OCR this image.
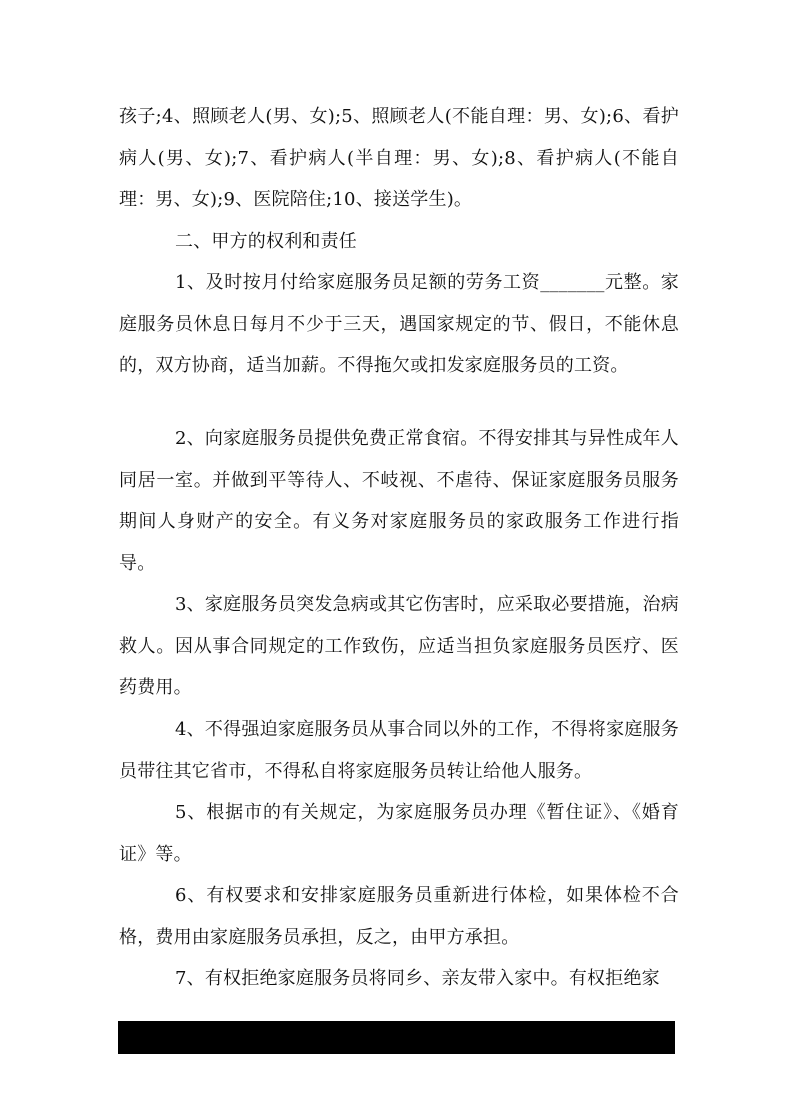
孩子;4、照顾老人(男、女);5、照顾老人(不能自理：男、女);6、看护病人(男、女);7、看护病人(半自理：男、女);8、看护病人(不能自理：男、女);9、医院陪住;10、接送学生)。

二、甲方的权利和责任

1、及时按月付给家庭服务员足额的劳务工资_______元整。家庭服务员休息日每月不少于三天，遇国家规定的节、假日，不能休息的，双方协商，适当加薪。不得拖欠或扣发家庭服务员的工资。

2、向家庭服务员提供免费正常食宿。不得安排其与异性成年人同居一室。并做到平等待人、不岐视、不虐待、保证家庭服务员服务期间人身财产的安全。有义务对家庭服务员的家政服务工作进行指导。

3、家庭服务员突发急病或其它伤害时，应采取必要措施，治病救人。因从事合同规定的工作致伤，应适当担负家庭服务员医疗、医药费用。

4、不得强迫家庭服务员从事合同以外的工作，不得将家庭服务员带往其它省市，不得私自将家庭服务员转让给他人服务。

5、根据市的有关规定，为家庭服务员办理《暂住证》、《婚育证》等。

6、有权要求和安排家庭服务员重新进行体检，如果体检不合格，费用由家庭服务员承担，反之，由甲方承担。

7、有权拒绝家庭服务员将同乡、亲友带入家中。有权拒绝家

第 4 页     /总页数8 页
